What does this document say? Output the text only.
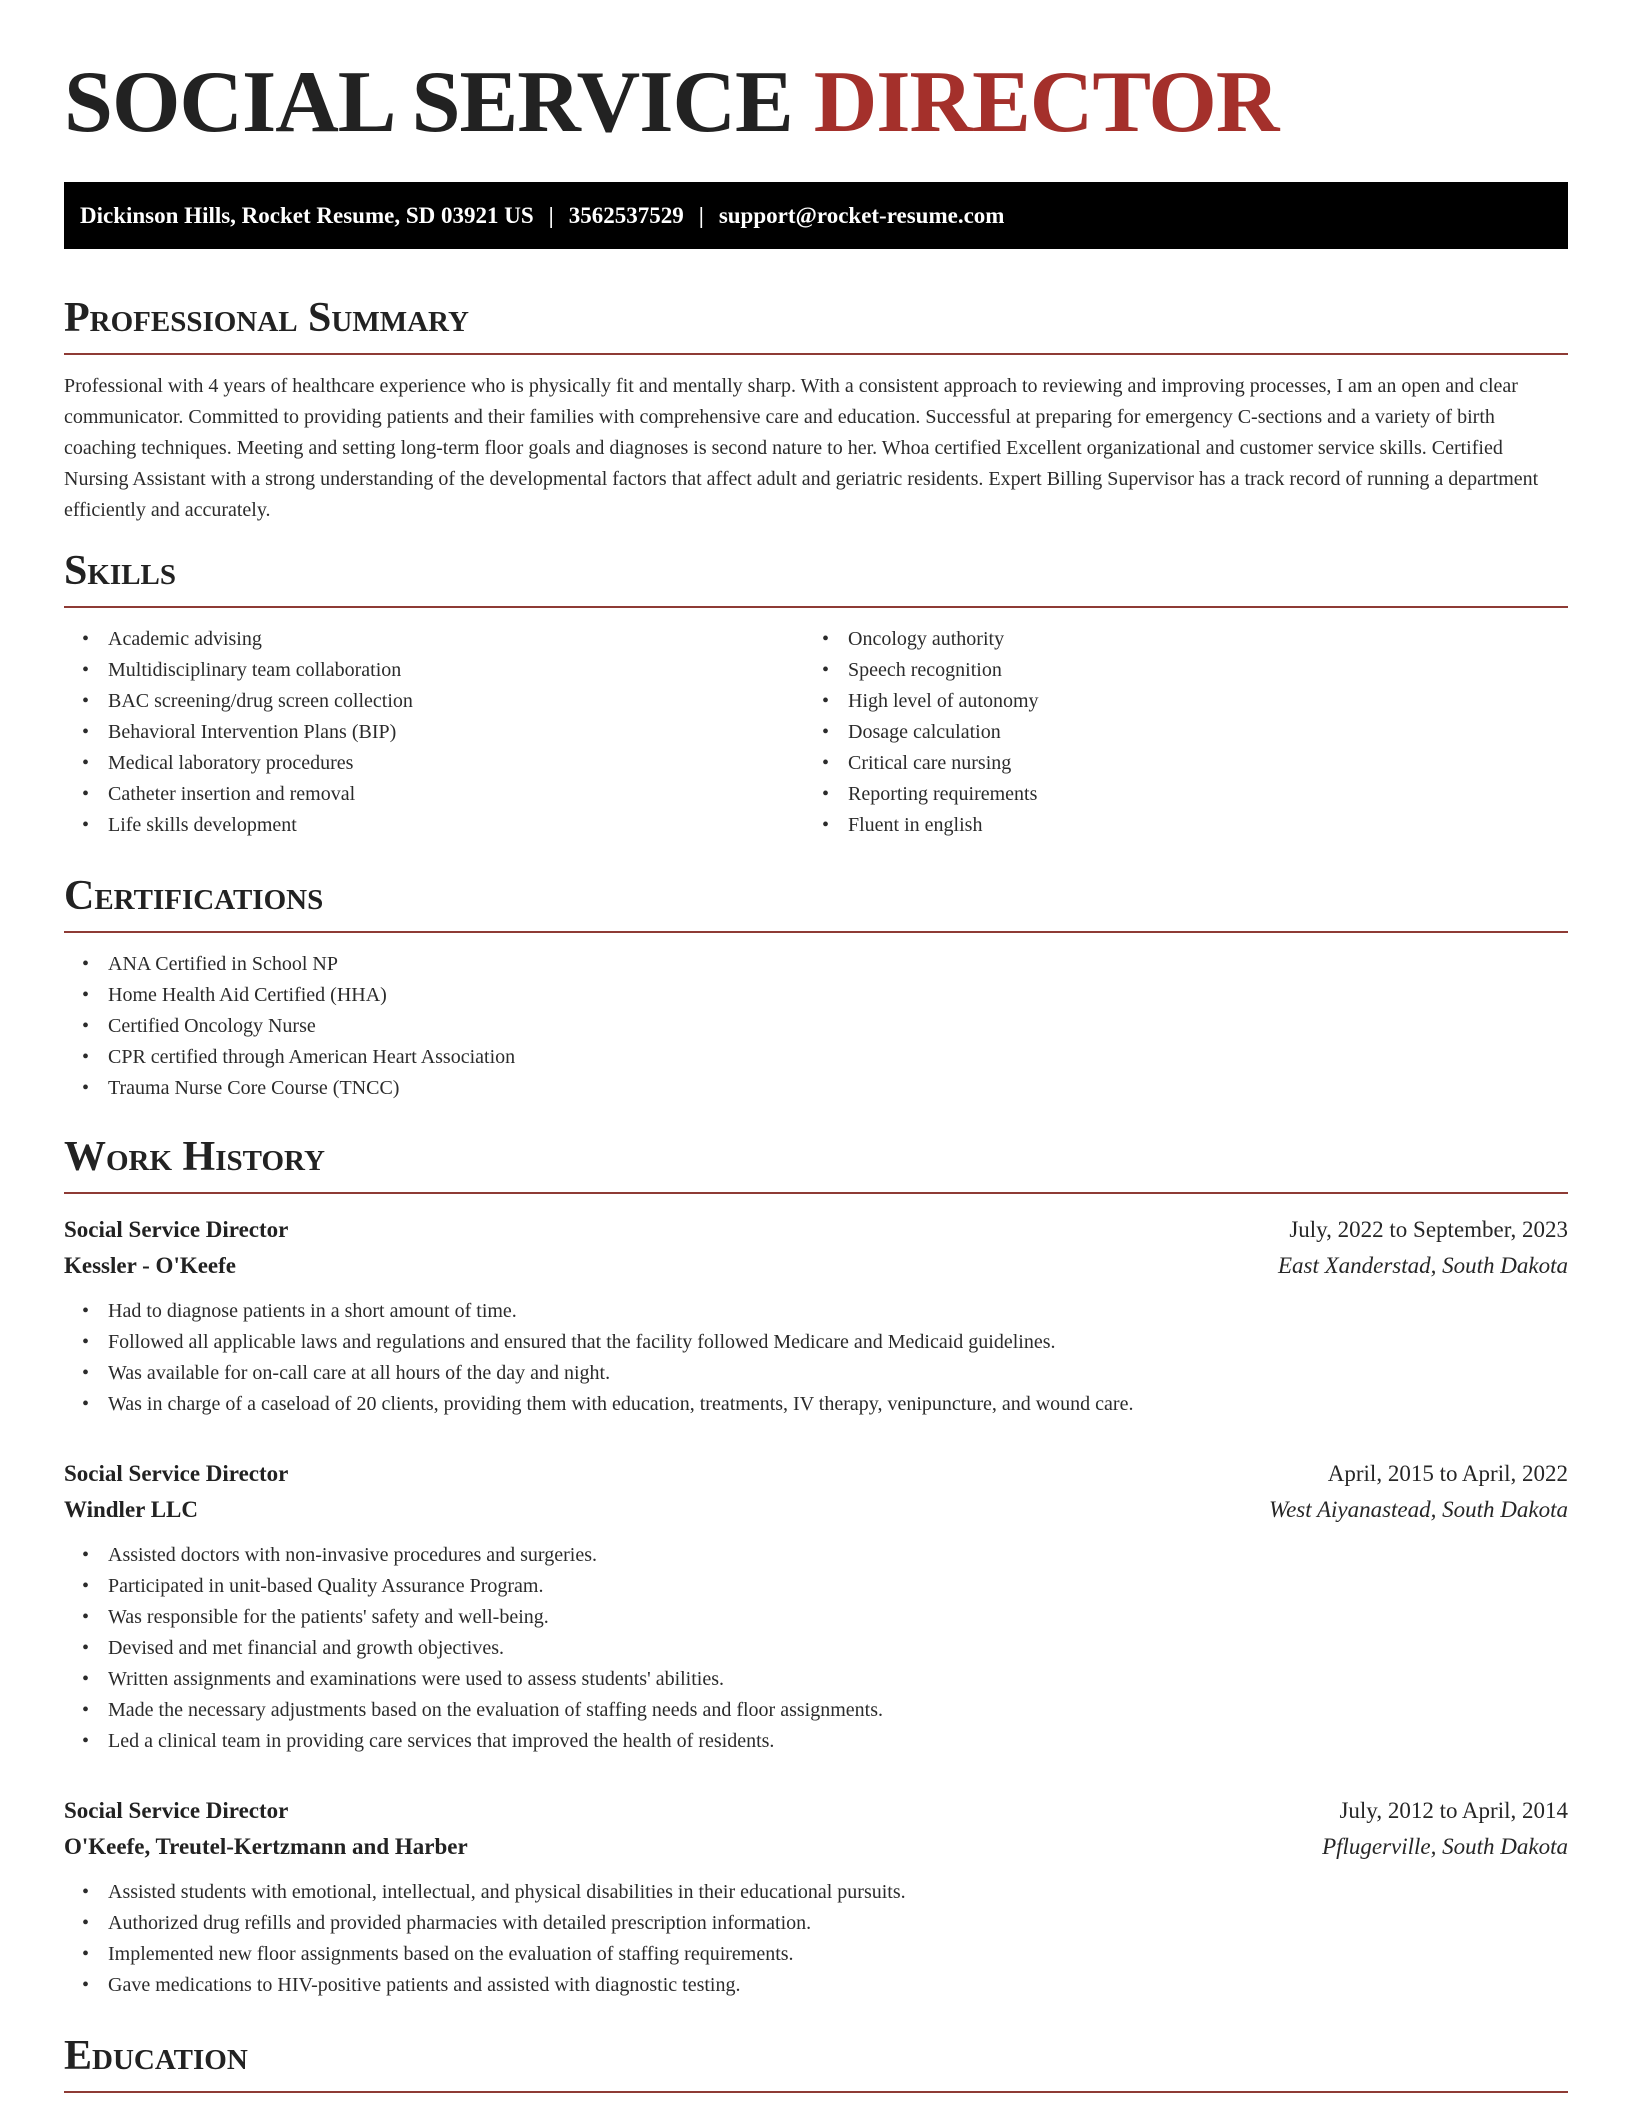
SOCIAL SERVICE DIRECTOR
Dickinson Hills, Rocket Resume, SD 03921 US | 3562537529 | support@rocket-resume.com
Professional Summary

Professional with 4 years of healthcare experience who is physically fit and mentally sharp. With a consistent approach to reviewing and improving processes, I am an open and clear communicator. Committed to providing patients and their families with comprehensive care and education. Successful at preparing for emergency C-sections and a variety of birth coaching techniques. Meeting and setting long-term floor goals and diagnoses is second nature to her. Whoa certified Excellent organizational and customer service skills. Certified Nursing Assistant with a strong understanding of the developmental factors that affect adult and geriatric residents. Expert Billing Supervisor has a track record of running a department efficiently and accurately.

Skills
• Academic advising
• Multidisciplinary team collaboration
• BAC screening/drug screen collection
• Behavioral Intervention Plans (BIP)
• Medical laboratory procedures
• Catheter insertion and removal
• Life skills development
• Oncology authority
• Speech recognition
• High level of autonomy
• Dosage calculation
• Critical care nursing
• Reporting requirements
• Fluent in english
Certifications
• ANA Certified in School NP
• Home Health Aid Certified (HHA)
• Certified Oncology Nurse
• CPR certified through American Heart Association
• Trauma Nurse Core Course (TNCC)
Work History
Social Service Director	July, 2022 to September, 2023
Kessler - O'Keefe	East Xanderstad, South Dakota
• Had to diagnose patients in a short amount of time.
• Followed all applicable laws and regulations and ensured that the facility followed Medicare and Medicaid guidelines.
• Was available for on-call care at all hours of the day and night.
• Was in charge of a caseload of 20 clients, providing them with education, treatments, IV therapy, venipuncture, and wound care.
Social Service Director	April, 2015 to April, 2022
Windler LLC	West Aiyanastead, South Dakota
• Assisted doctors with non-invasive procedures and surgeries.
• Participated in unit-based Quality Assurance Program.
• Was responsible for the patients' safety and well-being.
• Devised and met financial and growth objectives.
• Written assignments and examinations were used to assess students' abilities.
• Made the necessary adjustments based on the evaluation of staffing needs and floor assignments.
• Led a clinical team in providing care services that improved the health of residents.
Social Service Director	July, 2012 to April, 2014
O'Keefe, Treutel-Kertzmann and Harber	Pflugerville, South Dakota
• Assisted students with emotional, intellectual, and physical disabilities in their educational pursuits.
• Authorized drug refills and provided pharmacies with detailed prescription information.
• Implemented new floor assignments based on the evaluation of staffing requirements.
• Gave medications to HIV-positive patients and assisted with diagnostic testing.
Education
